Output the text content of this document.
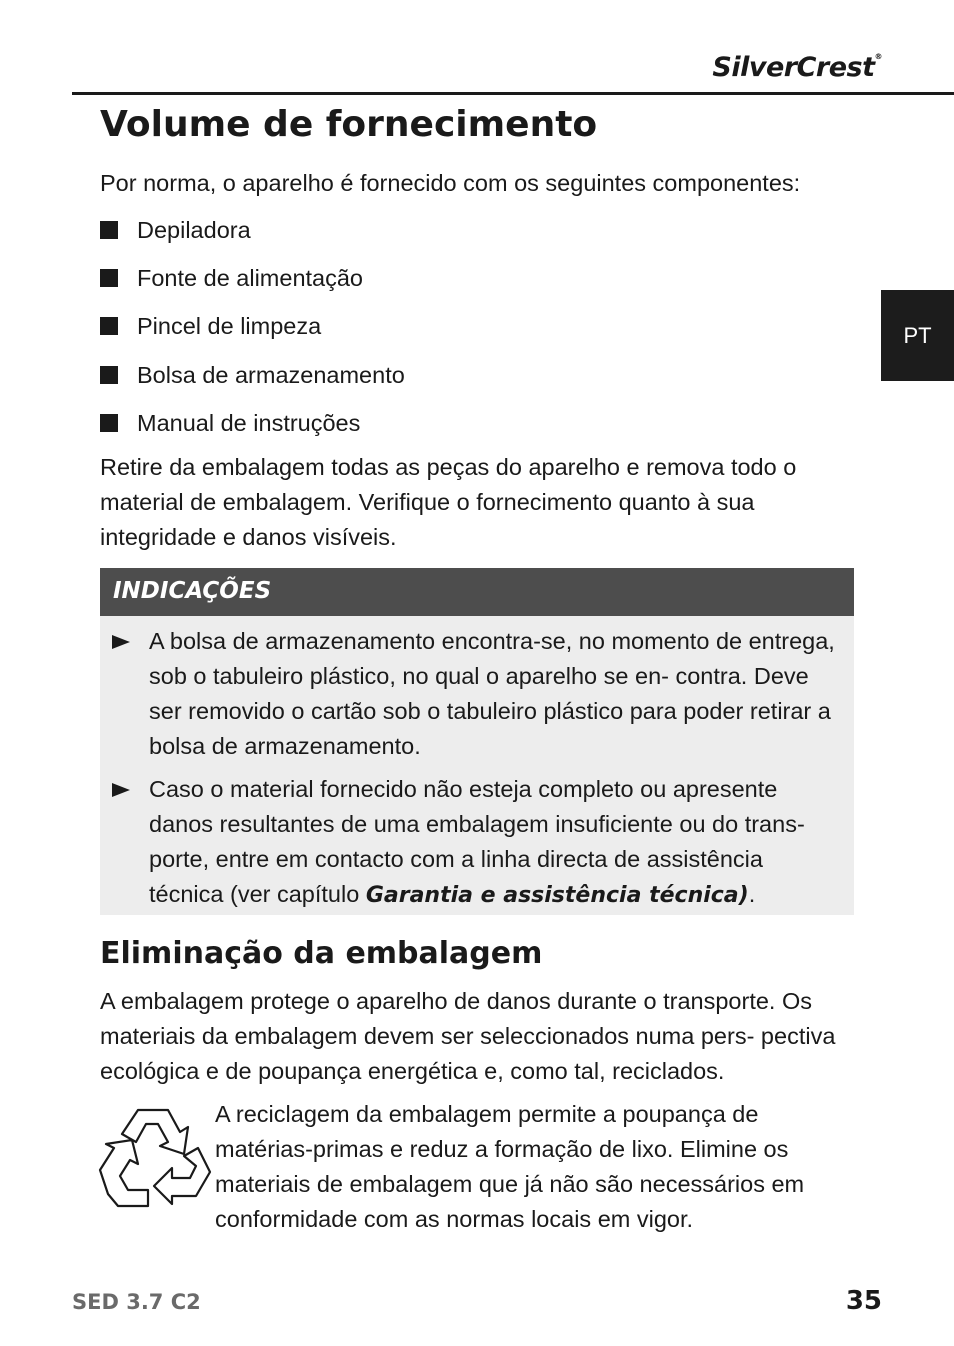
SilverCrest®
PT
Volume de fornecimento
Por norma, o aparelho é fornecido com os seguintes componentes:
Depiladora
Fonte de alimentação
Pincel de limpeza
Bolsa de armazenamento
Manual de instruções
Retire da embalagem todas as peças do aparelho e remova todo o material de embalagem. Verifique o fornecimento quanto à sua integridade e danos visíveis.
INDICAÇÕES
A bolsa de armazenamento encontra-se, no momento de entrega, sob o tabuleiro plástico, no qual o aparelho se en- contra. Deve ser removido o cartão sob o tabuleiro plástico para poder retirar a bolsa de armazenamento.
Caso o material fornecido não esteja completo ou apresente danos resultantes de uma embalagem insuficiente ou do trans- porte, entre em contacto com a linha directa de assistência técnica (ver capítulo Garantia e assistência técnica).
Eliminação da embalagem
A embalagem protege o aparelho de danos durante o transporte. Os materiais da embalagem devem ser seleccionados numa pers- pectiva ecológica e de poupança energética e, como tal, reciclados.
A reciclagem da embalagem permite a poupança de matérias-primas e reduz a formação de lixo. Elimine os materiais de embalagem que já não são necessários em conformidade com as normas locais em vigor.
SED 3.7 C2	35
